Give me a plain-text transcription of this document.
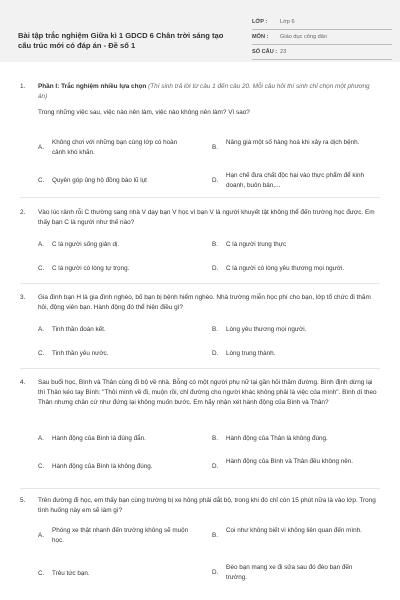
Bài tập trắc nghiệm Giữa kì 1 GDCD 6 Chân trời sáng tạo cấu trúc mới có đáp án - Đề số 1
LỚP :	Lớp 6
MÔN :	Giáo dục công dân
SỐ CÂU : 23
1.	Phần I: Trắc nghiệm nhiều lựa chọn (Thí sinh trả lời từ câu 1 đến câu 20. Mỗi câu hỏi thí sinh chỉ chọn một phương án)
Trong những việc sau, việc nào nên làm, việc nào không nên làm? Vì sao?
A.
Không chơi với những bạn cùng lớp có hoàn cảnh khó khăn.
B.
Nâng giá một số hàng hoá khi xảy ra dịch bệnh.
C. Quyên góp ủng hộ đồng bào lũ lụt	D.
Hạn chế đưa chất độc hại vào thực phẩm để kinh doanh, buôn bán,...
2.	Vào lúc rảnh rỗi C thường sang nhà V dạy bạn V học vì bạn V là người khuyết tật không thể đến trường học được. Em thấy bạn C là người như thế nào?
A. C là người sống giản dị.	B. C là người trung thực
C. C là người có lòng tự trọng.	D. C là người có lòng yêu thương mọi người.
3.	Gia đình bạn H là gia đình nghèo, bố bạn bị bệnh hiểm nghèo. Nhà trường miễn học phí cho bạn, lớp tổ chức đi thăm hỏi, động viên bạn. Hành động đó thể hiện điều gì?
A. Tinh thần đoàn kết.	B. Lòng yêu thương mọi người.
C. Tinh thần yêu nước.	D. Lòng trung thành.
4.	Sau buổi học, Bình và Thân cùng đi bộ về nhà. Bỗng có một người phụ nữ lại gần hỏi thăm đường. Bình định dừng lại thì Thân kéo tay Bình: "Thôi mình về đi, muộn rồi, chỉ đường cho người khác không phải là việc của mình". Bình dì theo Thân nhưng chân cứ như đứng lại không muốn bước. Em hãy nhận xét hành động của Bình và Thân?
A. Hành động của Bình là đúng đắn.	B. Hành động của Thân là không đúng.
C. Hành động của Bình là không đúng.	D.
Hành động của Bình và Thân đều không nên.
5.	Trên đường đi học, em thấy bạn cùng trường bị xe hỏng phải dắt bộ, trong khi đó chỉ còn 15 phút nữa là vào lớp. Trong tình huống này em sẽ làm gì?
A.
Phóng xe thật nhanh đến trường không sẽ muộn học.
B.
Coi như không biết vì không liên quan đến mình.
C. Trêu tức bạn.	D.
Đèo bạn mang xe đi sửa sau đó đèo bạn đến trường.
